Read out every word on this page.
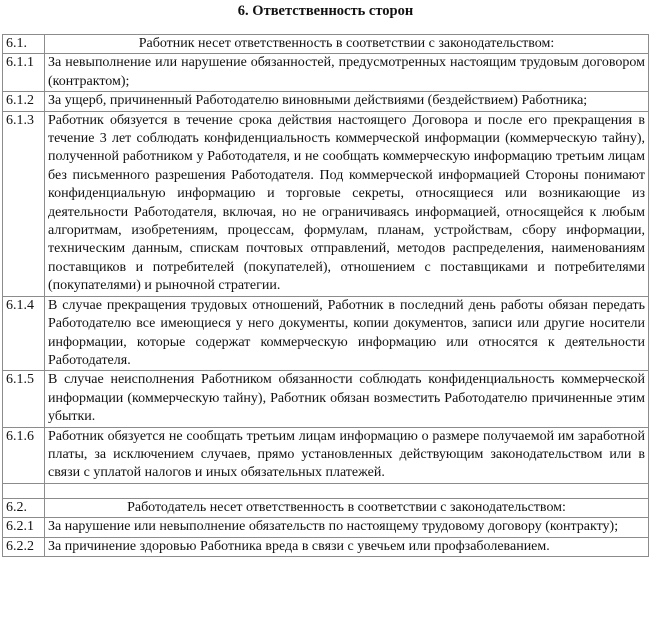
6. Ответственность сторон
6.1.	Работник несет ответственность в соответствии с законодательством:
6.1.1	За невыполнение или нарушение обязанностей, предусмотренных настоящим трудовым договором (контрактом);
6.1.2	За ущерб, причиненный Работодателю виновными действиями (бездействием) Работника;
6.1.3	Работник обязуется в течение срока действия настоящего Договора и после его прекращения в течение 3 лет соблюдать конфиденциальность коммерческой информации (коммерческую тайну), полученной работником у Работодателя, и не сообщать коммерческую информацию третьим лицам без письменного разрешения Работодателя. Под коммерческой информацией Стороны понимают конфиденциальную информацию и торговые секреты, относящиеся или возникающие из деятельности Работодателя, включая, но не ограничиваясь информацией, относящейся к любым алгоритмам, изобретениям, процессам, формулам, планам, устройствам, сбору информации, техническим данным, спискам почтовых отправлений, методов распределения, наименованиям поставщиков и потребителей (покупателей), отношением с поставщиками и потребителями (покупателями) и рыночной стратегии.
6.1.4	В случае прекращения трудовых отношений, Работник в последний день работы обязан передать Работодателю все имеющиеся у него документы, копии документов, записи или другие носители информации, которые содержат коммерческую информацию или относятся к деятельности Работодателя.
6.1.5	В случае неисполнения Работником обязанности соблюдать конфиденциальность коммерческой информации (коммерческую тайну), Работник обязан возместить Работодателю причиненные этим убытки.
6.1.6	Работник обязуется не сообщать третьим лицам информацию о размере получаемой им заработной платы, за исключением случаев, прямо установленных действующим законодательством или в связи с уплатой налогов и иных обязательных платежей.

6.2.	Работодатель несет ответственность в соответствии с законодательством:
6.2.1	За нарушение или невыполнение обязательств по настоящему трудовому договору (контракту);
6.2.2	За причинение здоровью Работника вреда в связи с увечьем или профзаболеванием.
